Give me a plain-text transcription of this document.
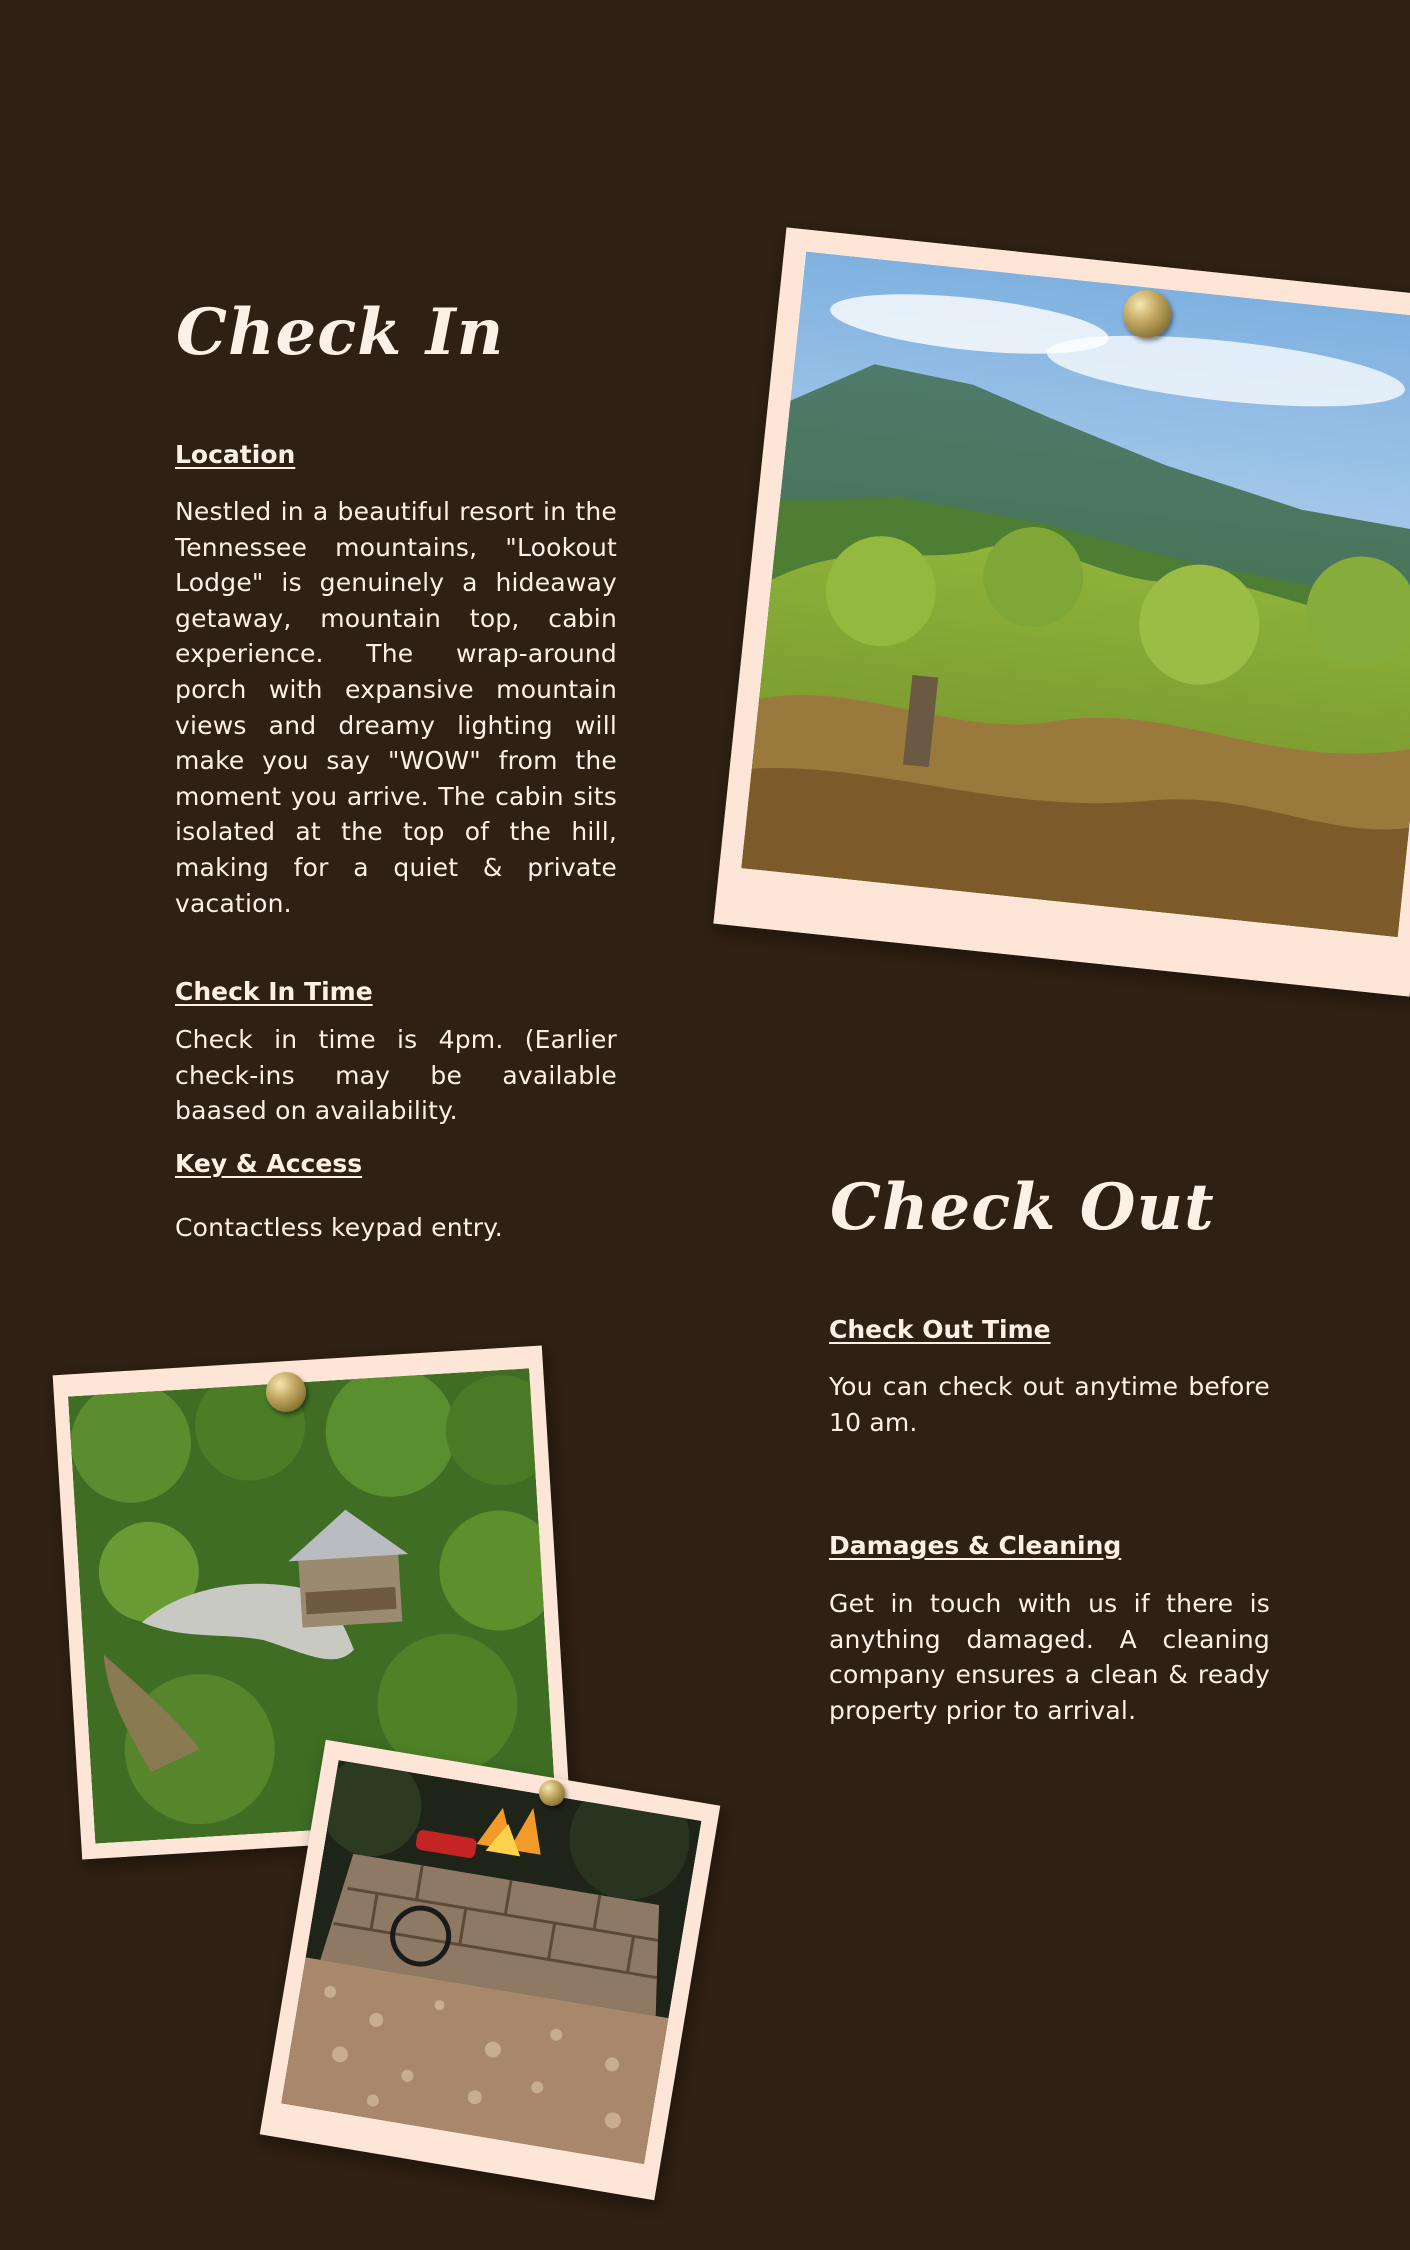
Check In
Location

Nestled in a beautiful resort in the Tennessee mountains, "Lookout Lodge" is genuinely a hideaway getaway, mountain top, cabin experience. The wrap-around porch with expansive mountain views and dreamy lighting will make you say "WOW" from the moment you arrive. The cabin sits isolated at the top of the hill, making for a quiet & private vacation.

Check In Time

Check in time is 4pm. (Earlier check-ins may be available baased on availability.

Key & Access

Contactless keypad entry.	Check Out
Check Out Time

You can check out anytime before 10 am.

Damages & Cleaning

Get in touch with us if there is anything damaged. A cleaning company ensures a clean & ready property prior to arrival.
